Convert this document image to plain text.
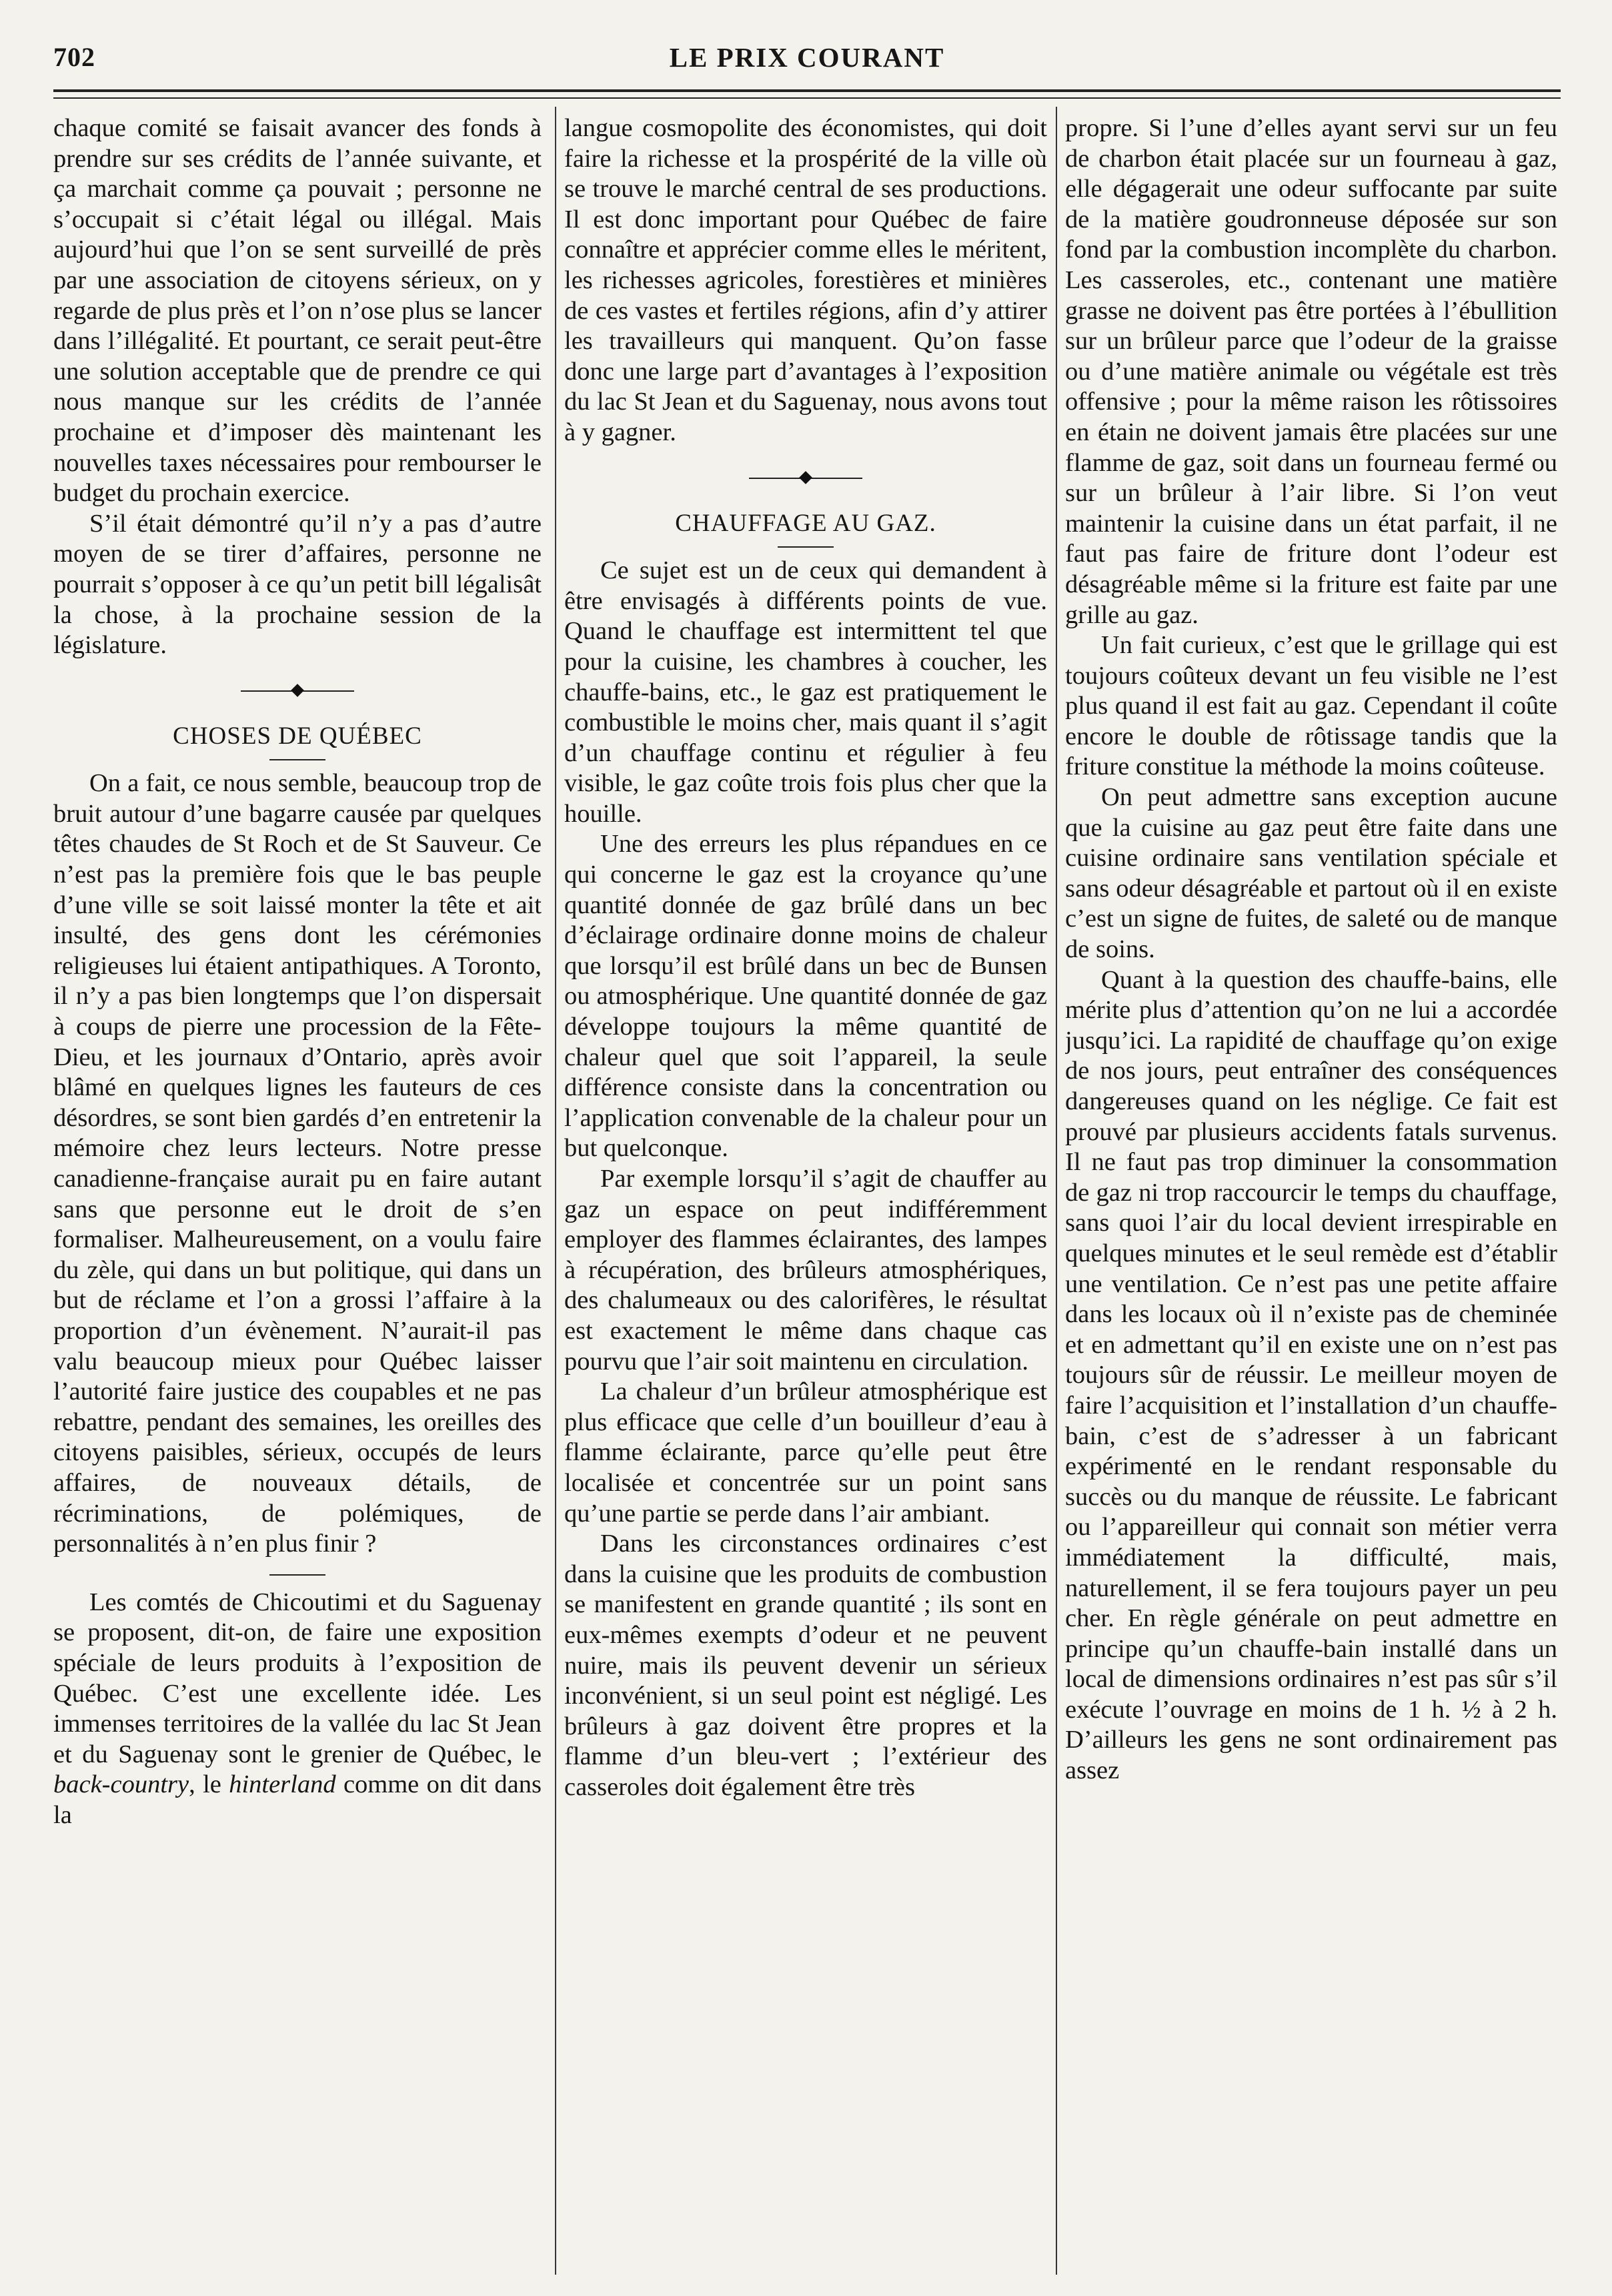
702	LE PRIX COURANT

chaque comité se faisait avancer des fonds à prendre sur ses crédits de l’année suivante, et ça marchait comme ça pouvait ; personne ne s’occupait si c’était légal ou illégal. Mais aujourd’hui que l’on se sent surveillé de près par une association de citoyens sérieux, on y regarde de plus près et l’on n’ose plus se lancer dans l’illégalité. Et pourtant, ce serait peut-être une solution acceptable que de prendre ce qui nous manque sur les crédits de l’année prochaine et d’imposer dès maintenant les nouvelles taxes nécessaires pour rembourser le budget du prochain exercice.

S’il était démontré qu’il n’y a pas d’autre moyen de se tirer d’affaires, personne ne pourrait s’opposer à ce qu’un petit bill légalisât la chose, à la prochaine session de la législature.

CHOSES DE QUÉBEC

On a fait, ce nous semble, beaucoup trop de bruit autour d’une bagarre causée par quelques têtes chaudes de St Roch et de St Sauveur. Ce n’est pas la première fois que le bas peuple d’une ville se soit laissé monter la tête et ait insulté, des gens dont les cérémonies religieuses lui étaient antipathiques. A Toronto, il n’y a pas bien longtemps que l’on dispersait à coups de pierre une procession de la Fête-Dieu, et les journaux d’Ontario, après avoir blâmé en quelques lignes les fauteurs de ces désordres, se sont bien gardés d’en entretenir la mémoire chez leurs lecteurs. Notre presse canadienne-française aurait pu en faire autant sans que personne eut le droit de s’en formaliser. Malheureusement, on a voulu faire du zèle, qui dans un but politique, qui dans un but de réclame et l’on a grossi l’affaire à la proportion d’un évènement. N’aurait-il pas valu beaucoup mieux pour Québec laisser l’autorité faire justice des coupables et ne pas rebattre, pendant des semaines, les oreilles des citoyens paisibles, sérieux, occupés de leurs affaires, de nouveaux détails, de récriminations, de polémiques, de personnalités à n’en plus finir ?

Les comtés de Chicoutimi et du Saguenay se proposent, dit-on, de faire une exposition spéciale de leurs produits à l’exposition de Québec. C’est une excellente idée. Les immenses territoires de la vallée du lac St Jean et du Saguenay sont le grenier de Québec, le back-country, le hinterland comme on dit dans la

langue cosmopolite des économistes, qui doit faire la richesse et la prospérité de la ville où se trouve le marché central de ses productions. Il est donc important pour Québec de faire connaître et apprécier comme elles le méritent, les richesses agricoles, forestières et minières de ces vastes et fertiles régions, afin d’y attirer les travailleurs qui manquent. Qu’on fasse donc une large part d’avantages à l’exposition du lac St Jean et du Saguenay, nous avons tout à y gagner.

CHAUFFAGE AU GAZ.

Ce sujet est un de ceux qui demandent à être envisagés à différents points de vue. Quand le chauffage est intermittent tel que pour la cuisine, les chambres à coucher, les chauffe-bains, etc., le gaz est pratiquement le combustible le moins cher, mais quant il s’agit d’un chauffage continu et régulier à feu visible, le gaz coûte trois fois plus cher que la houille.

Une des erreurs les plus répandues en ce qui concerne le gaz est la croyance qu’une quantité donnée de gaz brûlé dans un bec d’éclairage ordinaire donne moins de chaleur que lorsqu’il est brûlé dans un bec de Bunsen ou atmosphérique. Une quantité donnée de gaz développe toujours la même quantité de chaleur quel que soit l’appareil, la seule différence consiste dans la concentration ou l’application convenable de la chaleur pour un but quelconque.

Par exemple lorsqu’il s’agit de chauffer au gaz un espace on peut indifféremment employer des flammes éclairantes, des lampes à récupération, des brûleurs atmosphériques, des chalumeaux ou des calorifères, le résultat est exactement le même dans chaque cas pourvu que l’air soit maintenu en circulation.

La chaleur d’un brûleur atmosphérique est plus efficace que celle d’un bouilleur d’eau à flamme éclairante, parce qu’elle peut être localisée et concentrée sur un point sans qu’une partie se perde dans l’air ambiant.

Dans les circonstances ordinaires c’est dans la cuisine que les produits de combustion se manifestent en grande quantité ; ils sont en eux-mêmes exempts d’odeur et ne peuvent nuire, mais ils peuvent devenir un sérieux inconvénient, si un seul point est négligé. Les brûleurs à gaz doivent être propres et la flamme d’un bleu-vert ; l’extérieur des casseroles doit également être très

propre. Si l’une d’elles ayant servi sur un feu de charbon était placée sur un fourneau à gaz, elle dégagerait une odeur suffocante par suite de la matière goudronneuse déposée sur son fond par la combustion incomplète du charbon. Les casseroles, etc., contenant une matière grasse ne doivent pas être portées à l’ébullition sur un brûleur parce que l’odeur de la graisse ou d’une matière animale ou végétale est très offensive ; pour la même raison les rôtissoires en étain ne doivent jamais être placées sur une flamme de gaz, soit dans un fourneau fermé ou sur un brûleur à l’air libre. Si l’on veut maintenir la cuisine dans un état parfait, il ne faut pas faire de friture dont l’odeur est désagréable même si la friture est faite par une grille au gaz.

Un fait curieux, c’est que le grillage qui est toujours coûteux devant un feu visible ne l’est plus quand il est fait au gaz. Cependant il coûte encore le double de rôtissage tandis que la friture constitue la méthode la moins coûteuse.

On peut admettre sans exception aucune que la cuisine au gaz peut être faite dans une cuisine ordinaire sans ventilation spéciale et sans odeur désagréable et partout où il en existe c’est un signe de fuites, de saleté ou de manque de soins.

Quant à la question des chauffe-bains, elle mérite plus d’attention qu’on ne lui a accordée jusqu’ici. La rapidité de chauffage qu’on exige de nos jours, peut entraîner des conséquences dangereuses quand on les néglige. Ce fait est prouvé par plusieurs accidents fatals survenus. Il ne faut pas trop diminuer la consommation de gaz ni trop raccourcir le temps du chauffage, sans quoi l’air du local devient irrespirable en quelques minutes et le seul remède est d’établir une ventilation. Ce n’est pas une petite affaire dans les locaux où il n’existe pas de cheminée et en admettant qu’il en existe une on n’est pas toujours sûr de réussir. Le meilleur moyen de faire l’acquisition et l’installation d’un chauffe-bain, c’est de s’adresser à un fabricant expérimenté en le rendant responsable du succès ou du manque de réussite. Le fabricant ou l’appareilleur qui connait son métier verra immédiatement la difficulté, mais, naturellement, il se fera toujours payer un peu cher. En règle générale on peut admettre en principe qu’un chauffe-bain installé dans un local de dimensions ordinaires n’est pas sûr s’il exécute l’ouvrage en moins de 1 h. ½ à 2 h. D’ailleurs les gens ne sont ordinairement pas assez
